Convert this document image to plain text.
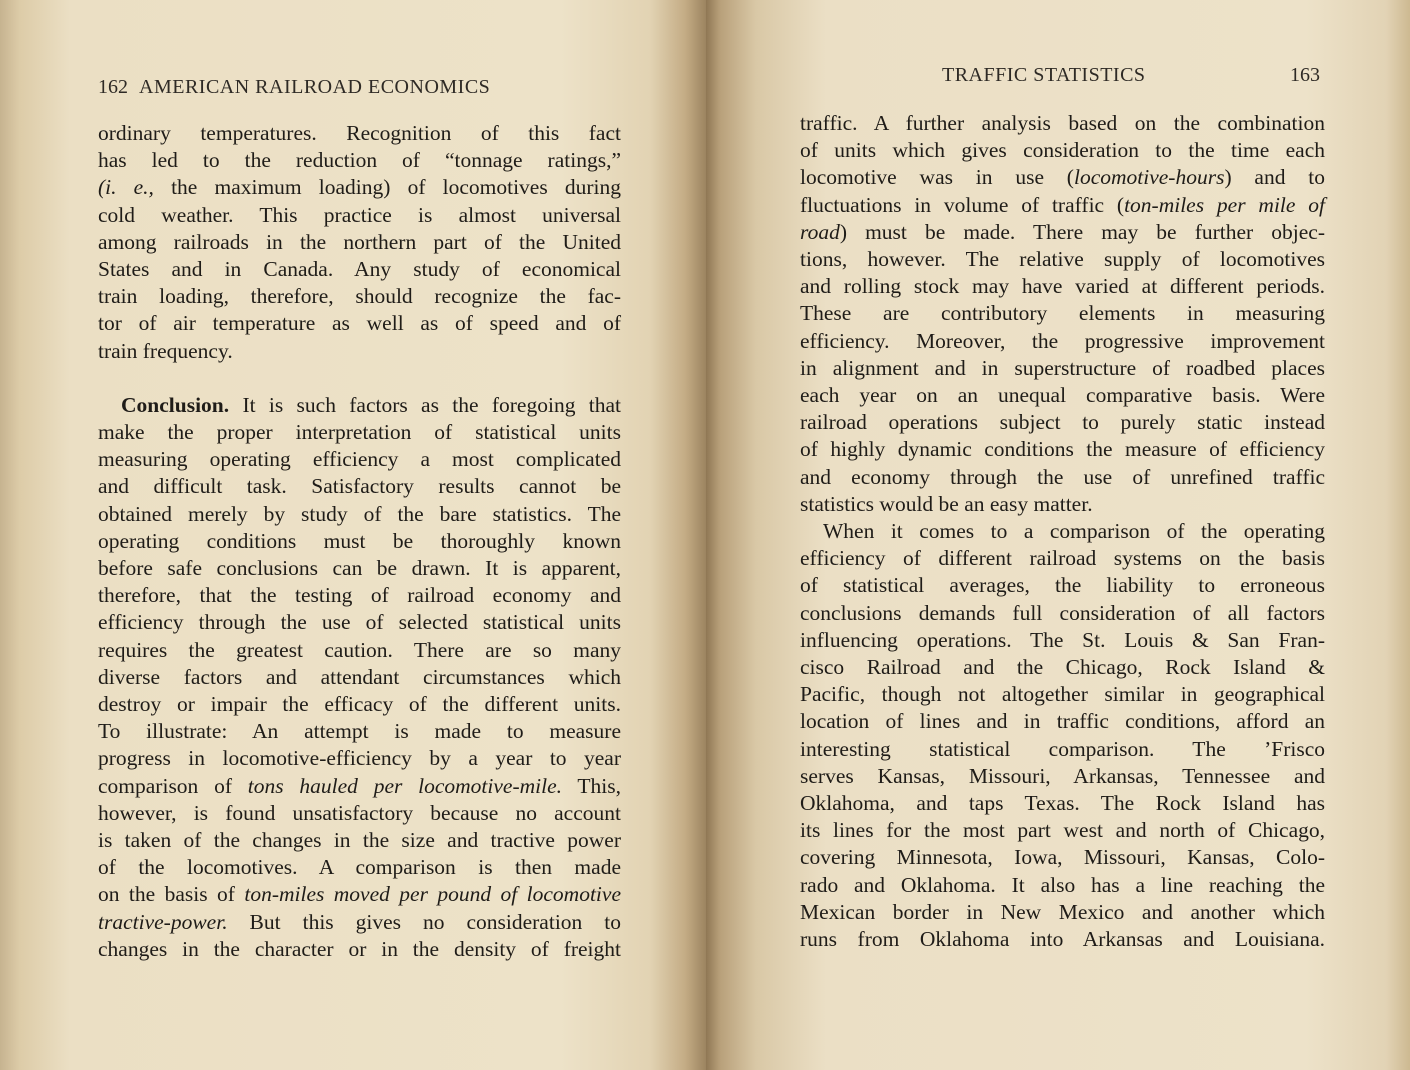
162 AMERICAN RAILROAD ECONOMICS
ordinary temperatures. Recognition of this fact
has led to the reduction of “tonnage ratings,”
(i. e., the maximum loading) of locomotives during
cold weather. This practice is almost universal
among railroads in the northern part of the United
States and in Canada. Any study of economical
train loading, therefore, should recognize the fac-
tor of air temperature as well as of speed and of
train frequency.
Conclusion. It is such factors as the foregoing that
make the proper interpretation of statistical units
measuring operating efficiency a most complicated
and difficult task. Satisfactory results cannot be
obtained merely by study of the bare statistics. The
operating conditions must be thoroughly known
before safe conclusions can be drawn. It is apparent,
therefore, that the testing of railroad economy and
efficiency through the use of selected statistical units
requires the greatest caution. There are so many
diverse factors and attendant circumstances which
destroy or impair the efficacy of the different units.
To illustrate: An attempt is made to measure
progress in locomotive-efficiency by a year to year
comparison of tons hauled per locomotive-mile. This,
however, is found unsatisfactory because no account
is taken of the changes in the size and tractive power
of the locomotives. A comparison is then made
on the basis of ton-miles moved per pound of locomotive
tractive-power. But this gives no consideration to
changes in the character or in the density of freight
TRAFFIC STATISTICS	163
traffic. A further analysis based on the combination
of units which gives consideration to the time each
locomotive was in use (locomotive-hours) and to
fluctuations in volume of traffic (ton-miles per mile of
road) must be made. There may be further objec-
tions, however. The relative supply of locomotives
and rolling stock may have varied at different periods.
These are contributory elements in measuring
efficiency. Moreover, the progressive improvement
in alignment and in superstructure of roadbed places
each year on an unequal comparative basis. Were
railroad operations subject to purely static instead
of highly dynamic conditions the measure of efficiency
and economy through the use of unrefined traffic
statistics would be an easy matter.
When it comes to a comparison of the operating
efficiency of different railroad systems on the basis
of statistical averages, the liability to erroneous
conclusions demands full consideration of all factors
influencing operations. The St. Louis & San Fran-
cisco Railroad and the Chicago, Rock Island &
Pacific, though not altogether similar in geographical
location of lines and in traffic conditions, afford an
interesting statistical comparison. The ’Frisco
serves Kansas, Missouri, Arkansas, Tennessee and
Oklahoma, and taps Texas. The Rock Island has
its lines for the most part west and north of Chicago,
covering Minnesota, Iowa, Missouri, Kansas, Colo-
rado and Oklahoma. It also has a line reaching the
Mexican border in New Mexico and another which
runs from Oklahoma into Arkansas and Louisiana.
